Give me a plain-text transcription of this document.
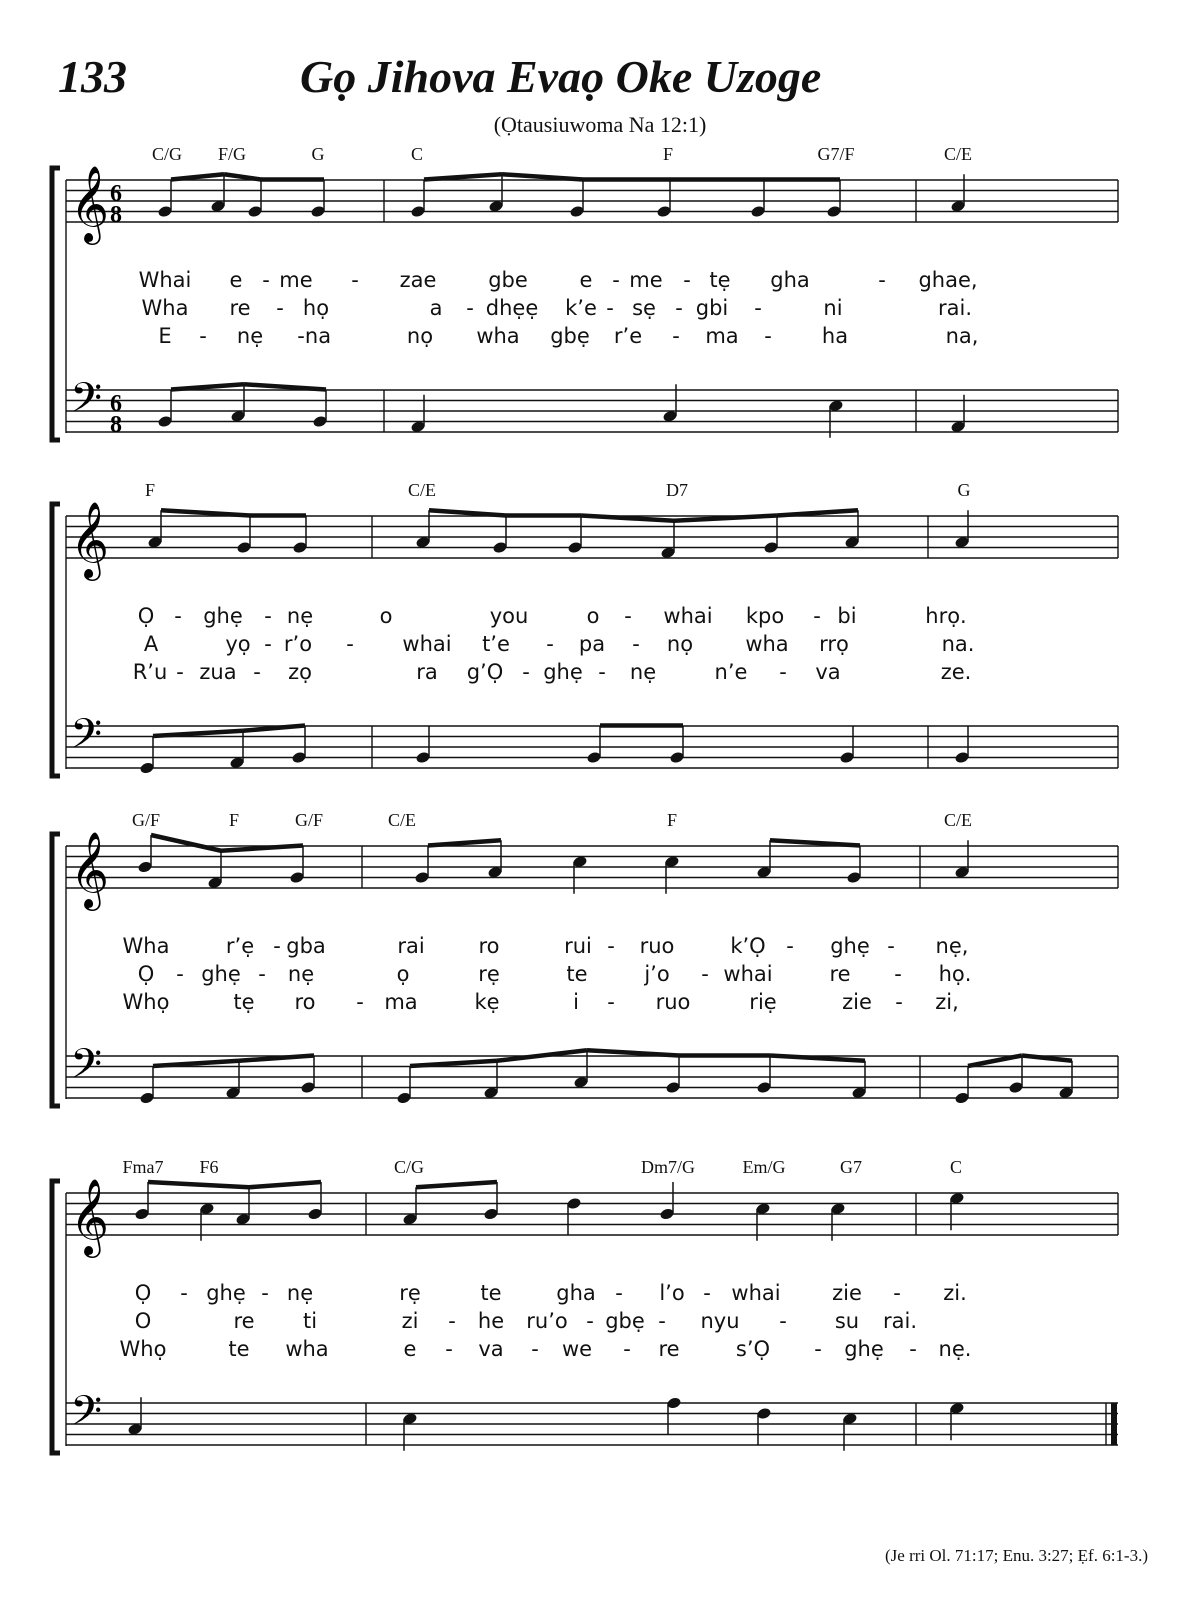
133	Gọ Jihova Evaọ Oke Uzoge
(Ọtausiuwoma Na 12:1)
𝄞 6
8
𝄢 6
8
C/G F/G	G	C	F	G7/F	C/E
Whai e - me - zae gbe e - me - tẹ gha	- ghae,
Wha re - họ	a - dhẹẹ k’e - sẹ - gbi -	ni	rai.
E - nẹ - na	nọ wha gbẹ r’e - ma - ha	na,
𝄞
𝄢
F	C/E	D7	G
Ọ - ghẹ - nẹ	o	you	o - whai kpo - bi	hrọ.
A	yọ - r’o - whai t’e - pa - nọ wha rrọ	na.
R’u - zua - zọ	ra g’Ọ - ghẹ - nẹ	n’e - va	ze.
𝄞
𝄢
G/F	F	G/F	C/E	F	C/E
Wha	r’ẹ - gba	rai	ro	rui - ruo	k’Ọ - ghẹ - nẹ,
Ọ - ghẹ - nẹ	ọ	rẹ	te	j’o - whai	re - họ.
Whọ	tẹ ro - ma	kẹ	i - ruo	riẹ	zie - zi,
𝄞
𝄢
Fma7 F6	C/G	Dm7/G	Em/G	G7	C
Ọ - ghẹ - nẹ	rẹ	te	gha - l’o - whai zie - zi.
O	re ti	zi - he ru’o - gbẹ - nyu - su rai.
Whọ	te wha	e - va - we - re	s’Ọ - ghẹ - nẹ.
(Je rri Ol. 71:17; Enu. 3:27; Ẹf. 6:1-3.)
